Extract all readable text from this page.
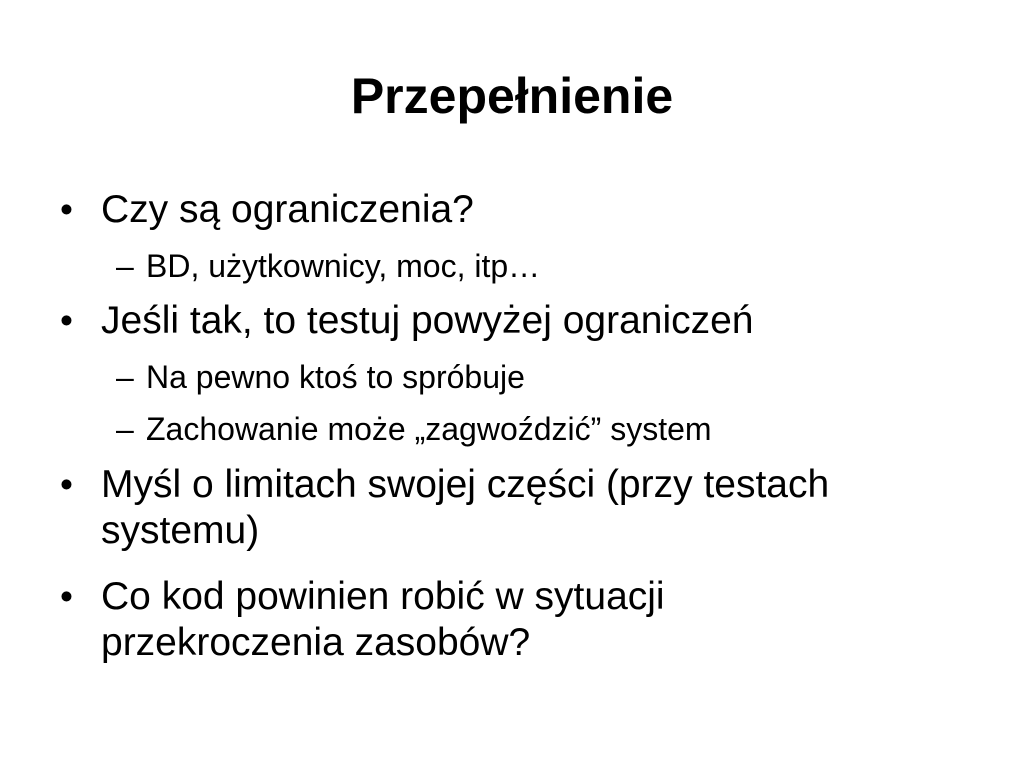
Przepełnienie
• Czy są ograniczenia?
– BD, użytkownicy, moc, itp…
• Jeśli tak, to testuj powyżej ograniczeń
– Na pewno ktoś to spróbuje
– Zachowanie może „zagwoździć” system
• Myśl o limitach swojej części (przy testach
systemu)
• Co kod powinien robić w sytuacji
przekroczenia zasobów?
